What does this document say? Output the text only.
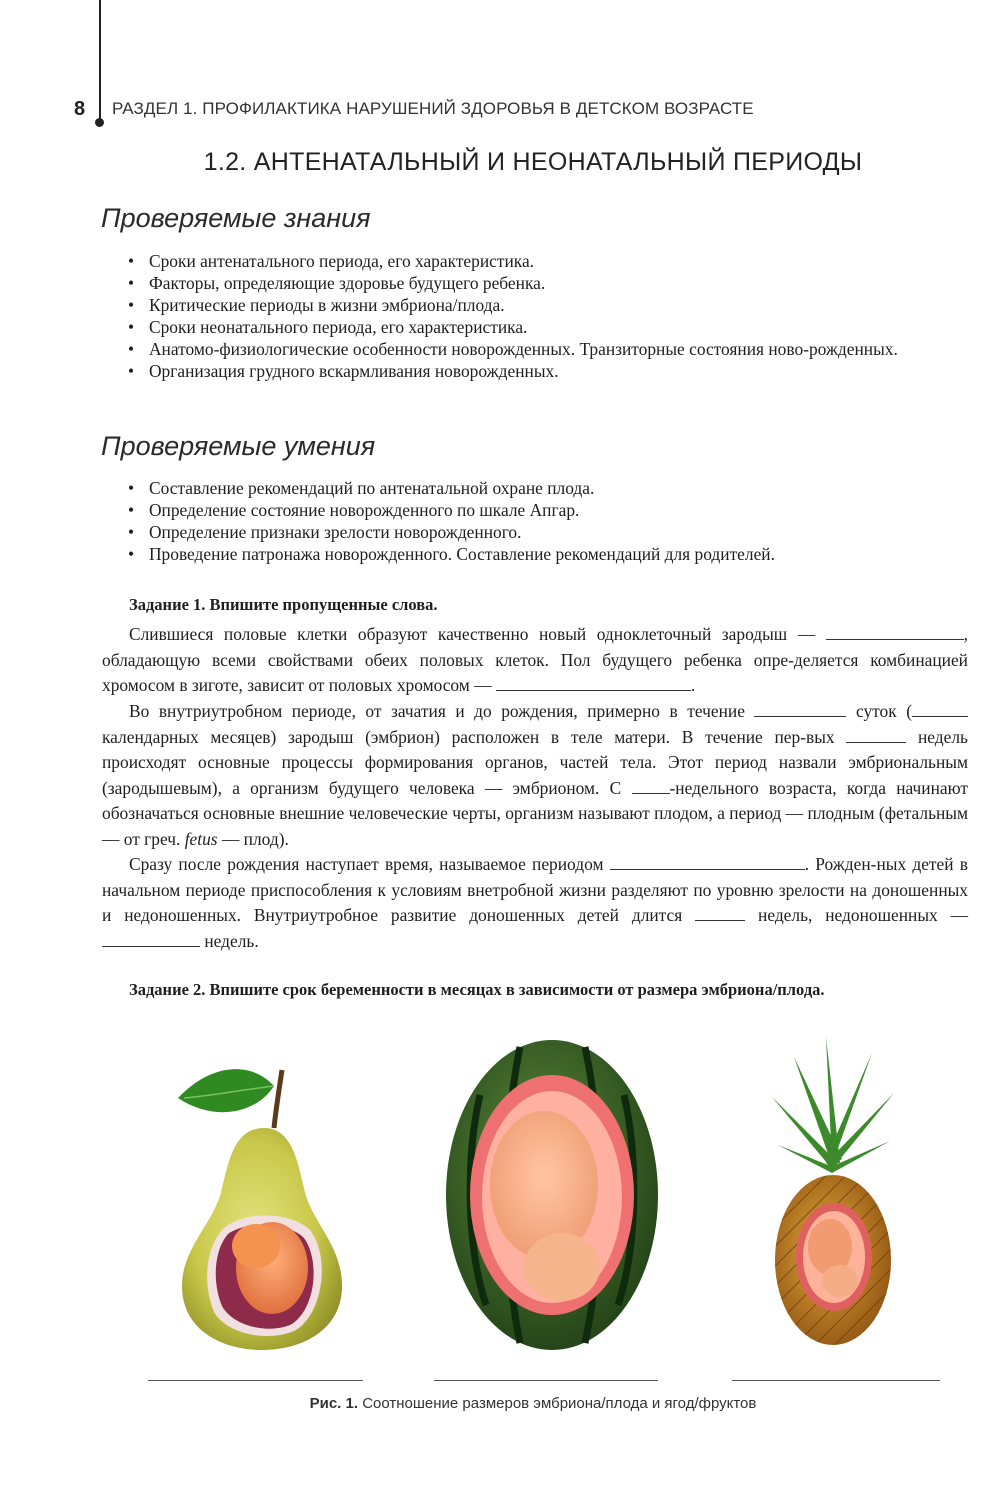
8 РАЗДЕЛ 1. ПРОФИЛАКТИКА НАРУШЕНИЙ ЗДОРОВЬЯ В ДЕТСКОМ ВОЗРАСТЕ
1.2. АНТЕНАТАЛЬНЫЙ И НЕОНАТАЛЬНЫЙ ПЕРИОДЫ
Проверяемые знания
• Сроки антенатального периода, его характеристика.
• Факторы, определяющие здоровье будущего ребенка.
• Критические периоды в жизни эмбриона/плода.
• Сроки неонатального периода, его характеристика.
• Анатомо-физиологические особенности новорожденных. Транзиторные состояния ново-рожденных.
• Организация грудного вскармливания новорожденных.
Проверяемые умения
• Составление рекомендаций по антенатальной охране плода.
• Определение состояние новорожденного по шкале Апгар.
• Определение признаки зрелости новорожденного.
• Проведение патронажа новорожденного. Составление рекомендаций для родителей.
Задание 1. Впишите пропущенные слова.
Слившиеся половые клетки образуют качественно новый одноклеточный зародыш —	, обладающую всеми свойствами обеих половых клеток. Пол будущего ребенка опре-деляется комбинацией хромосом в зиготе, зависит от половых хромосом —	.
Во внутриутробном периоде, от зачатия и до рождения, примерно в течение	суток ( календарных месяцев) зародыш (эмбрион) расположен в теле матери. В течение пер-вых	недель происходят основные процессы формирования органов, частей тела. Этот период назвали эмбриональным (зародышевым), а организм будущего человека — эмбрионом. С	-недельного возраста, когда начинают обозначаться основные внешние человеческие черты, организм называют плодом, а период — плодным (фетальным — от греч. fetus — плод).
Сразу после рождения наступает время, называемое периодом	. Рожден-ных детей в начальном периоде приспособления к условиям внетробной жизни разделяют по уровню зрелости на доношенных и недоношенных. Внутриутробное развитие доношенных детей длится	недель, недоношенных —  недель.
Задание 2. Впишите срок беременности в месяцах в зависимости от размера эмбриона/плода.
Рис. 1. Соотношение размеров эмбриона/плода и ягод/фруктов
